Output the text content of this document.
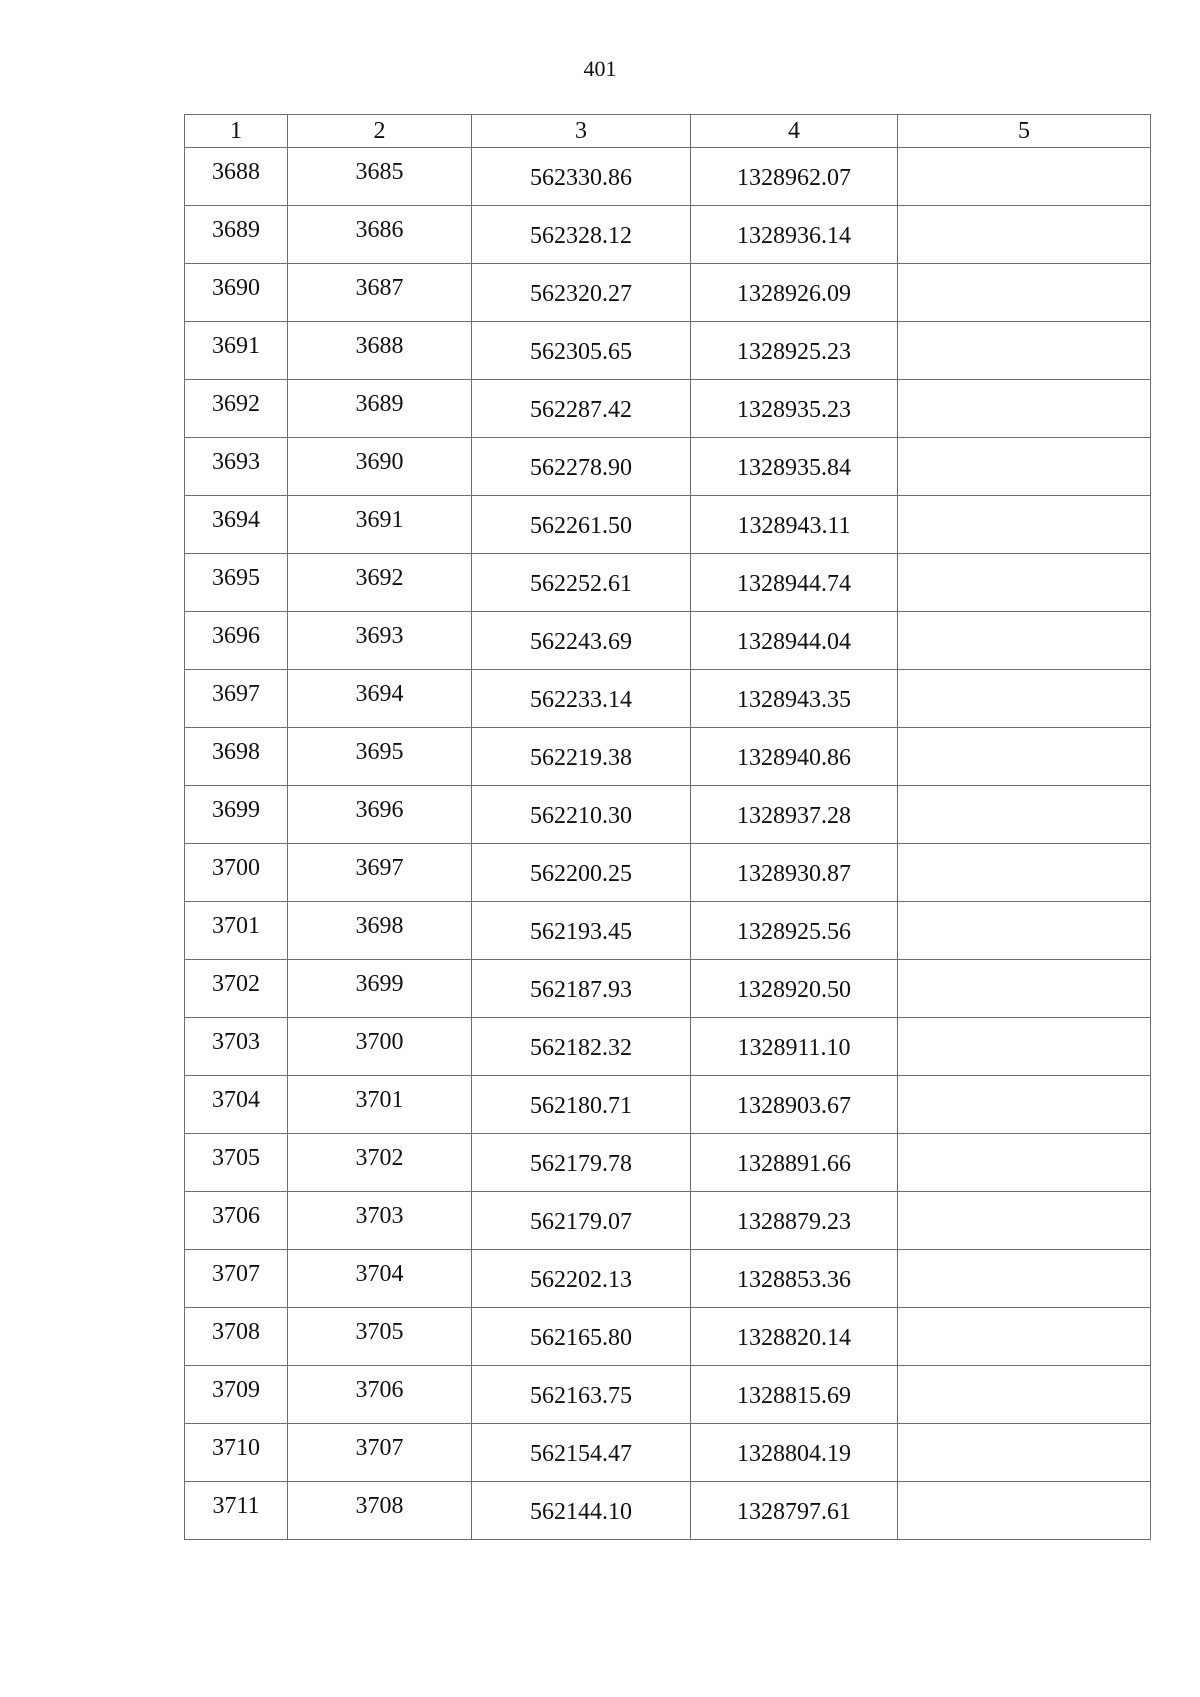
401
1	2	3	4	5
3688	3685	562330.86	1328962.07	
3689	3686	562328.12	1328936.14	
3690	3687	562320.27	1328926.09	
3691	3688	562305.65	1328925.23	
3692	3689	562287.42	1328935.23	
3693	3690	562278.90	1328935.84	
3694	3691	562261.50	1328943.11	
3695	3692	562252.61	1328944.74	
3696	3693	562243.69	1328944.04	
3697	3694	562233.14	1328943.35	
3698	3695	562219.38	1328940.86	
3699	3696	562210.30	1328937.28	
3700	3697	562200.25	1328930.87	
3701	3698	562193.45	1328925.56	
3702	3699	562187.93	1328920.50	
3703	3700	562182.32	1328911.10	
3704	3701	562180.71	1328903.67	
3705	3702	562179.78	1328891.66	
3706	3703	562179.07	1328879.23	
3707	3704	562202.13	1328853.36	
3708	3705	562165.80	1328820.14	
3709	3706	562163.75	1328815.69	
3710	3707	562154.47	1328804.19	
3711	3708	562144.10	1328797.61	
